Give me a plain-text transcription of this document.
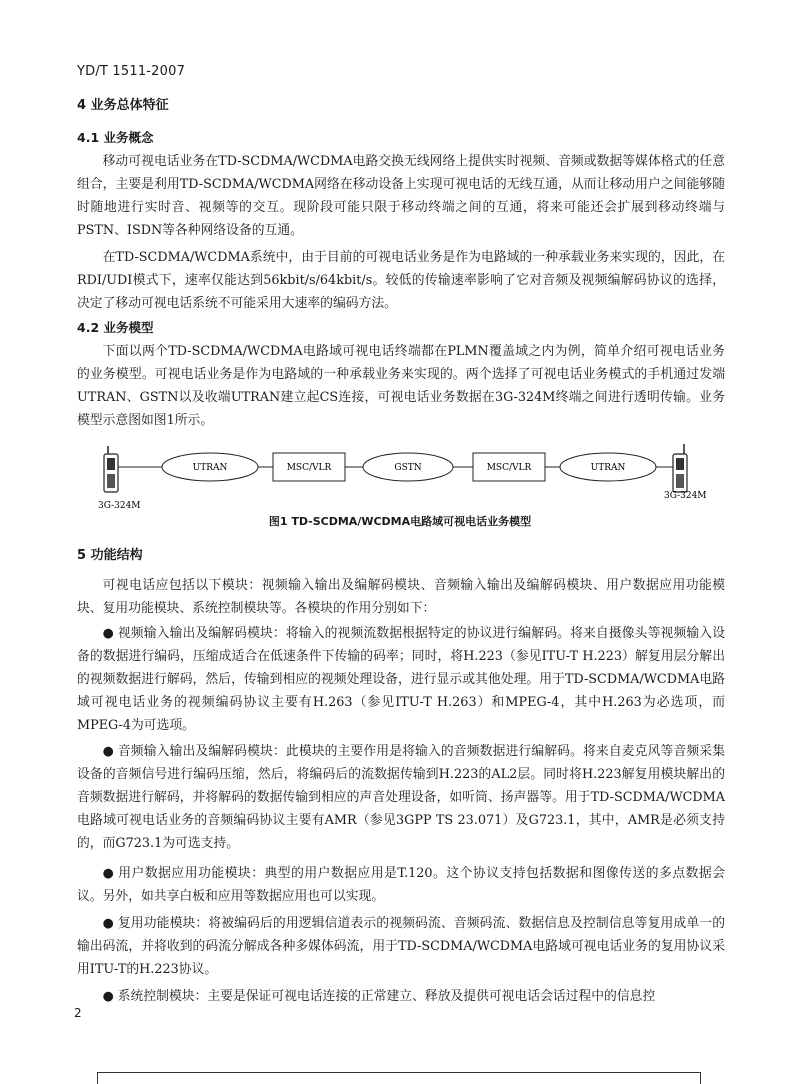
YD/T 1511-2007
4 业务总体特征
4.1 业务概念
移动可视电话业务在TD-SCDMA/WCDMA电路交换无线网络上提供实时视频、音频或数据等媒体格式的任意组合，主要是利用TD-SCDMA/WCDMA网络在移动设备上实现可视电话的无线互通，从而让移动用户之间能够随时随地进行实时音、视频等的交互。现阶段可能只限于移动终端之间的互通，将来可能还会扩展到移动终端与PSTN、ISDN等各种网络设备的互通。
在TD-SCDMA/WCDMA系统中，由于目前的可视电话业务是作为电路域的一种承载业务来实现的，因此，在RDI/UDI模式下，速率仅能达到56kbit/s/64kbit/s。较低的传输速率影响了它对音频及视频编解码协议的选择，决定了移动可视电话系统不可能采用大速率的编码方法。
4.2 业务模型
下面以两个TD-SCDMA/WCDMA电路域可视电话终端都在PLMN覆盖域之内为例，简单介绍可视电话业务的业务模型。可视电话业务是作为电路域的一种承载业务来实现的。两个选择了可视电话业务模式的手机通过发端UTRAN、GSTN以及收端UTRAN建立起CS连接，可视电话业务数据在3G-324M终端之间进行透明传输。业务模型示意图如图1所示。
UTRAN	MSC/VLR	GSTN	MSC/VLR	UTRAN
3G-324M
3G-324M
图1 TD-SCDMA/WCDMA电路域可视电话业务模型
5 功能结构
可视电话应包括以下模块：视频输入输出及编解码模块、音频输入输出及编解码模块、用户数据应用功能模块、复用功能模块、系统控制模块等。各模块的作用分别如下：
● 视频输入输出及编解码模块：将输入的视频流数据根据特定的协议进行编解码。将来自摄像头等视频输入设备的数据进行编码，压缩成适合在低速条件下传输的码率；同时，将H.223（参见ITU-T H.223）解复用层分解出的视频数据进行解码，然后，传输到相应的视频处理设备，进行显示或其他处理。用于TD-SCDMA/WCDMA电路域可视电话业务的视频编码协议主要有H.263（参见ITU-T H.263）和MPEG-4，其中H.263为必选项，而MPEG-4为可选项。
● 音频输入输出及编解码模块：此模块的主要作用是将输入的音频数据进行编解码。将来自麦克风等音频采集设备的音频信号进行编码压缩，然后，将编码后的流数据传输到H.223的AL2层。同时将H.223解复用模块解出的音频数据进行解码，并将解码的数据传输到相应的声音处理设备，如听筒、扬声器等。用于TD-SCDMA/WCDMA电路域可视电话业务的音频编码协议主要有AMR（参见3GPP TS 23.071）及G723.1，其中，AMR是必须支持的，而G723.1为可选支持。
● 用户数据应用功能模块：典型的用户数据应用是T.120。这个协议支持包括数据和图像传送的多点数据会议。另外，如共享白板和应用等数据应用也可以实现。
● 复用功能模块：将被编码后的用逻辑信道表示的视频码流、音频码流、数据信息及控制信息等复用成单一的输出码流，并将收到的码流分解成各种多媒体码流，用于TD-SCDMA/WCDMA电路域可视电话业务的复用协议采用ITU-T的H.223协议。
● 系统控制模块：主要是保证可视电话连接的正常建立、释放及提供可视电话会话过程中的信息控
2
